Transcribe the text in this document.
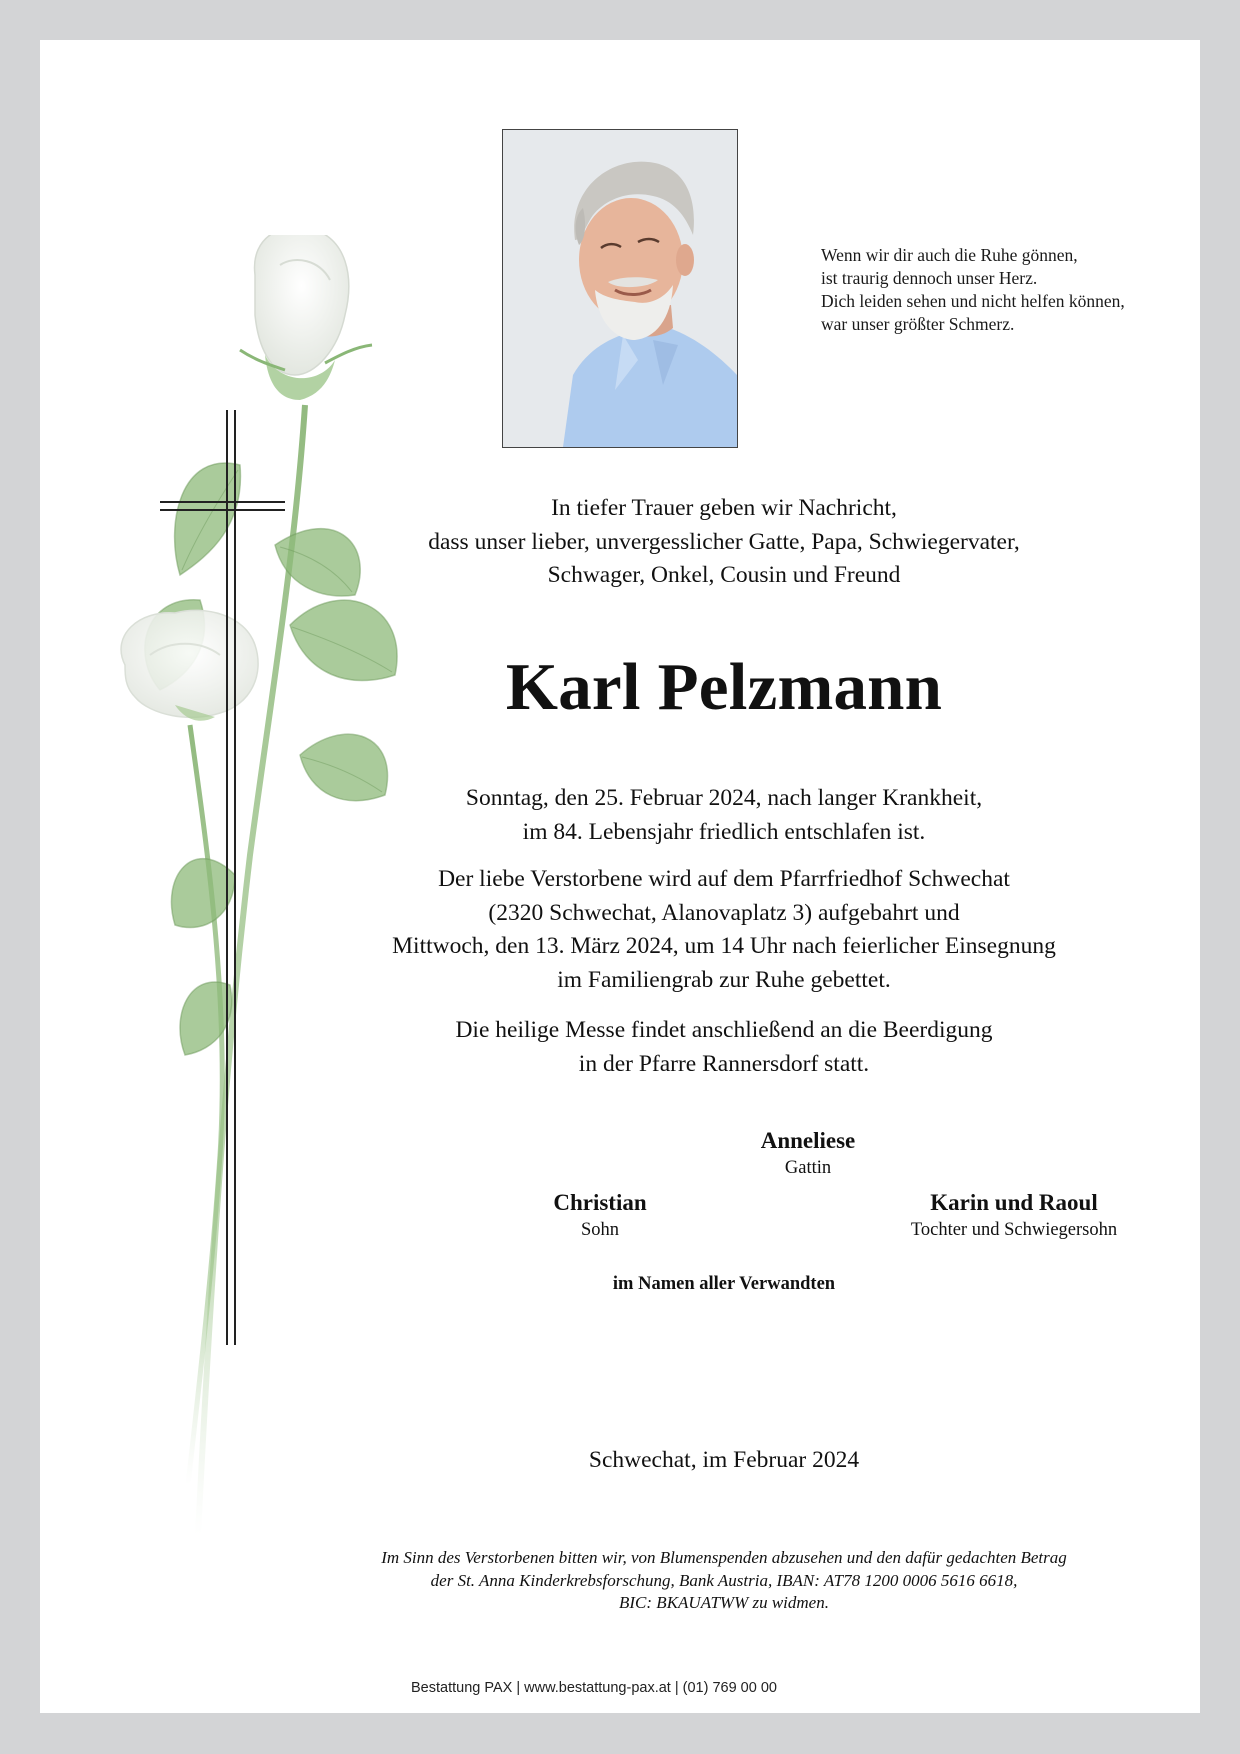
Wenn wir dir auch die Ruhe gönnen,
ist traurig dennoch unser Herz.
Dich leiden sehen und nicht helfen können,
war unser größter Schmerz.
In tiefer Trauer geben wir Nachricht,
dass unser lieber, unvergesslicher Gatte, Papa, Schwiegervater,
Schwager, Onkel, Cousin und Freund
Karl Pelzmann
Sonntag, den 25. Februar 2024, nach langer Krankheit,
im 84. Lebensjahr friedlich entschlafen ist.
Der liebe Verstorbene wird auf dem Pfarrfriedhof Schwechat
(2320 Schwechat, Alanovaplatz 3) aufgebahrt und
Mittwoch, den 13. März 2024, um 14 Uhr nach feierlicher Einsegnung
im Familiengrab zur Ruhe gebettet.
Die heilige Messe findet anschließend an die Beerdigung
in der Pfarre Rannersdorf statt.
Anneliese
Gattin
Christian
Sohn
Karin und Raoul
Tochter und Schwiegersohn
im Namen aller Verwandten
Schwechat, im Februar 2024
Im Sinn des Verstorbenen bitten wir, von Blumenspenden abzusehen und den dafür gedachten Betrag
der St. Anna Kinderkrebsforschung, Bank Austria, IBAN: AT78 1200 0006 5616 6618,
BIC: BKAUATWW zu widmen.
Bestattung PAX | www.bestattung-pax.at | (01) 769 00 00
